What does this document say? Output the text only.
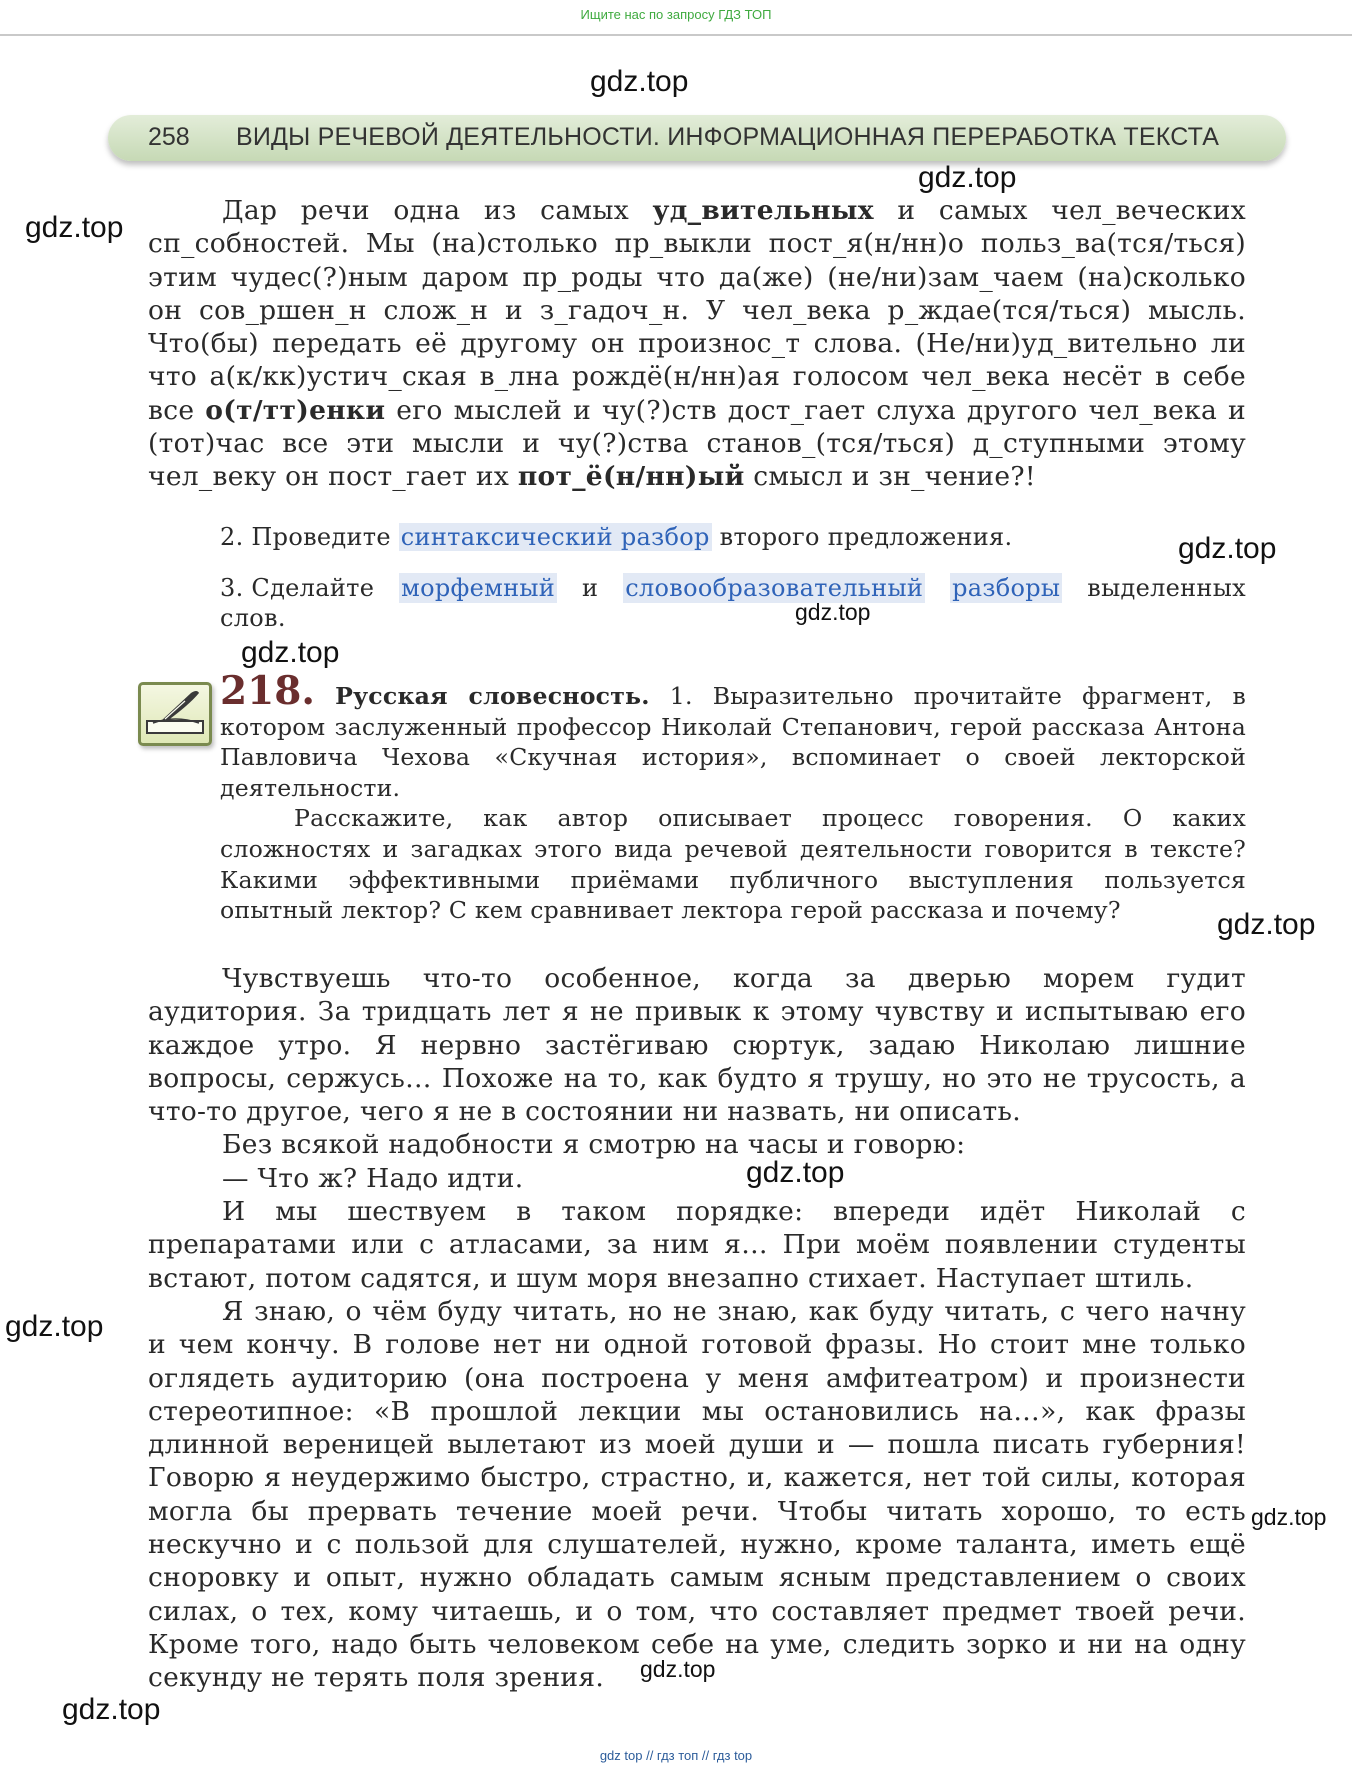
Ищите нас по запросу ГДЗ ТОП
gdz.top
258 ВИДЫ РЕЧЕВОЙ ДЕЯТЕЛЬНОСТИ. ИНФОРМАЦИОННАЯ ПЕРЕРАБОТКА ТЕКСТА
gdz.top
gdz.top

Дар речи одна из самых уд_вительных и самых чел_веческих сп_собностей. Мы (на)столько пр_выкли пост_я(н/нн)о польз_ва(тся/ться) этим чудес(?)ным даром пр_роды что да(же) (не/ни)зам_чаем (на)сколько он сов_ршен_н слож_н и з_гадоч_н. У чел_века р_ждае(тся/ться) мысль. Что(бы) передать её другому он произнос_т слова. (Не/ни)уд_вительно ли что а(к/кк)устич_ская в_лна рождё(н/нн)ая голосом чел_века несёт в себе все о(т/тт)енки его мыслей и чу(?)ств дост_гает слуха другого чел_века и (тот)час все эти мысли и чу(?)ства станов_(тся/ться) д_ступными этому чел_веку он пост_гает их пот_ё(н/нн)ый смысл и зн_чение?!

2. Проведите синтаксический разбор второго предложения.	gdz.top
3. Сделайте морфемный и словообразовательный разборы выделенных
слов.	gdz.top
gdz.top

218. Русская словесность. 1. Выразительно прочитайте фрагмент, в котором заслуженный профессор Николай Степанович, герой рассказа Антона Павловича Чехова «Скучная история», вспоминает о своей лекторской деятельности.

Расскажите, как автор описывает процесс говорения. О каких сложностях и загадках этого вида речевой деятельности говорится в тексте? Какими эффективными приёмами публичного выступления пользуется опытный лектор? С кем сравнивает лектора герой рассказа и почему?	gdz.top

Чувствуешь что-то особенное, когда за дверью морем гудит аудитория. За тридцать лет я не привык к этому чувству и испытываю его каждое утро. Я нервно застёгиваю сюртук, задаю Николаю лишние вопросы, сержусь… Похоже на то, как будто я трушу, но это не трусость, а что-то другое, чего я не в состоянии ни назвать, ни описать.

Без всякой надобности я смотрю на часы и говорю:

— Что ж? Надо идти.

И мы шествуем в таком порядке: впереди идёт Николай с препаратами или с атласами, за ним я… При моём появлении студенты встают, потом садятся, и шум моря внезапно стихает. Наступает штиль.

Я знаю, о чём буду читать, но не знаю, как буду читать, с чего начну и чем кончу. В голове нет ни одной готовой фразы. Но стоит мне только оглядеть аудиторию (она построена у меня амфитеатром) и произнести стереотипное: «В прошлой лекции мы остановились на…», как фразы длинной вереницей вылетают из моей души и — пошла писать губерния! Говорю я неудержимо быстро, страстно, и, кажется, нет той силы, которая могла бы прервать течение моей речи. Чтобы читать хорошо, то есть нескучно и с пользой для слушателей, нужно, кроме таланта, иметь ещё сноровку и опыт, нужно обладать самым ясным представлением о своих силах, о тех, кому читаешь, и о том, что составляет предмет твоей речи. Кроме того, надо быть человеком себе на уме, следить зорко и ни на одну секунду не терять поля зрения.

gdz.top
gdz.top
gdz.top
gdz.top
gdz.top
gdz top // гдз топ // гдз top
